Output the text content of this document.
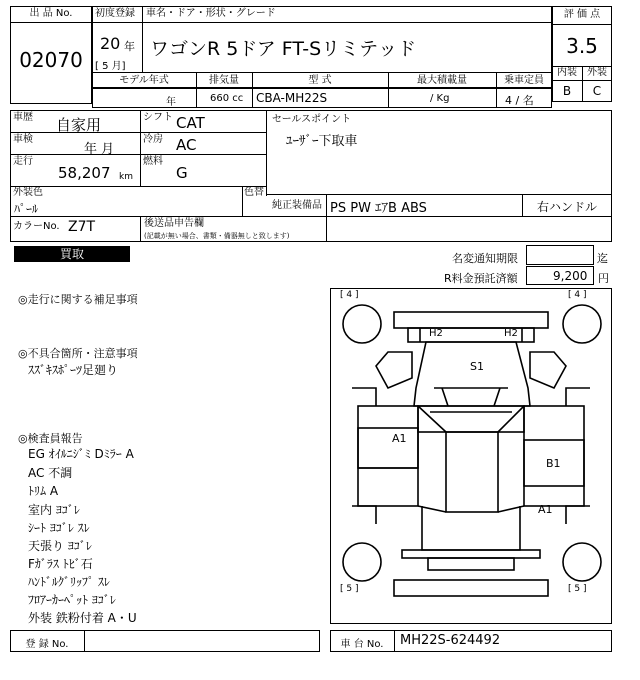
出 品 No.
02070
初度登録 車名・ドア・形状・グレード
20 年
[ 5 月]
ワゴンR 5ドア FT-Sリミテッド
評 価 点
3.5
内装	外装
B	C
モデル年式	排気量	型 式	最大積載量	乗車定員
年	660 cc CBA-MH22S	/ Kg	4 / 名
車歴 自家用	シフト CAT	セールスポイント
ﾕｰｻﾞｰ下取車
車検
年 月
冷房 AC
走行
58,207 km
燃料
G
外装色
ﾊﾟｰﾙ
色替
純正装備品 PS PW ｴｱB ABS	右ハンドル
カラーNo. Z7T	後送品申告欄
(記載が無い場合、書類・備器無しと致します)
買取	名変通知期限	迄
R料金預託済額	9,200 円
◎走行に関する補足事項
◎不具合箇所・注意事項
ｽｽﾞｷｽﾎﾟｰﾂ足廻り
◎検査員報告
EG ｵｲﾙﾆｼﾞﾐ Dﾐﾗｰ A
AC 不調
ﾄﾘﾑ A
室内 ﾖｺﾞﾚ
ｼｰﾄ ﾖｺﾞﾚ ｽﾚ
天張り ﾖｺﾞﾚ
Fｶﾞﾗｽ ﾄﾋﾞ石
ﾊﾝﾄﾞﾙｸﾞﾘｯﾌﾟ ｽﾚ
ﾌﾛｱｰｶｰﾍﾟｯﾄ ﾖｺﾞﾚ
外装 鉄粉付着 A・U
[ 4 ]	[ 4 ]
[ 5 ]	[ 5 ]
H2	H2
S1
A1
B1
A1
登 録 No.	車 台 No.	MH22S-624492
